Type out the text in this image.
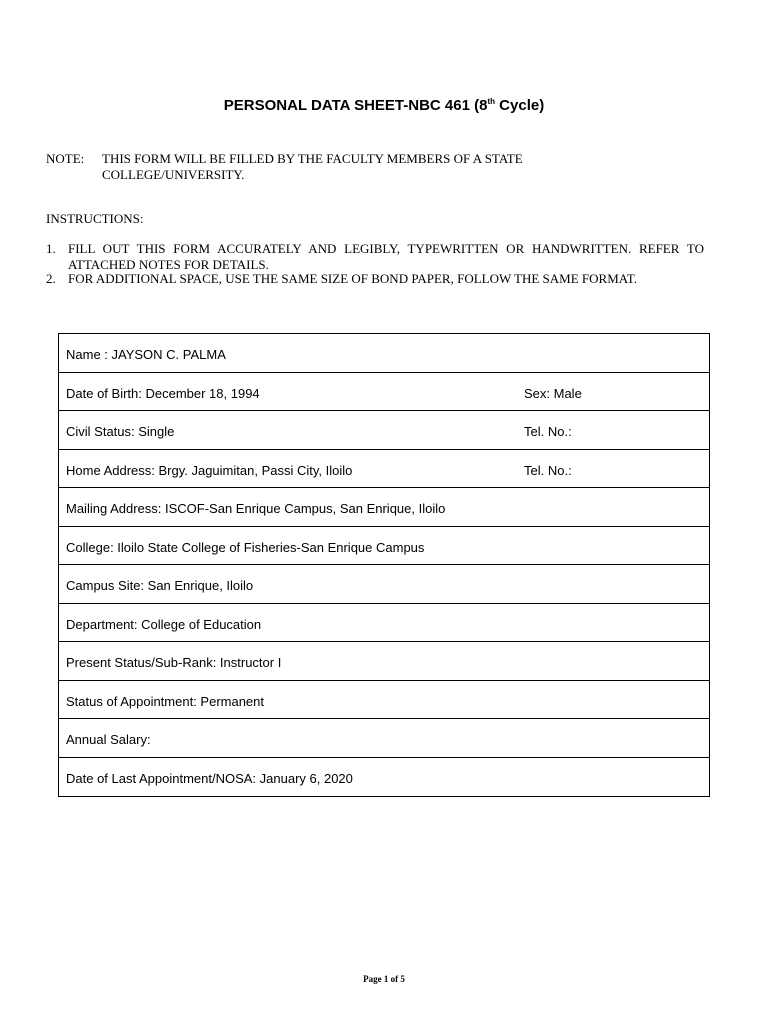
PERSONAL DATA SHEET-NBC 461 (8th Cycle)
NOTE: THIS FORM WILL BE FILLED BY THE FACULTY MEMBERS OF A STATE
COLLEGE/UNIVERSITY.
INSTRUCTIONS:
1. FILL OUT THIS FORM ACCURATELY AND LEGIBLY, TYPEWRITTEN OR HANDWRITTEN. REFER TO ATTACHED NOTES FOR DETAILS.
2. FOR ADDITIONAL SPACE, USE THE SAME SIZE OF BOND PAPER, FOLLOW THE SAME FORMAT.
Name : JAYSON C. PALMA
Date of Birth: December 18, 1994	Sex: Male
Civil Status: Single	Tel. No.:
Home Address: Brgy. Jaguimitan, Passi City, Iloilo	Tel. No.:
Mailing Address: ISCOF-San Enrique Campus, San Enrique, Iloilo
College: Iloilo State College of Fisheries-San Enrique Campus
Campus Site: San Enrique, Iloilo
Department: College of Education
Present Status/Sub-Rank: Instructor I
Status of Appointment: Permanent
Annual Salary:
Date of Last Appointment/NOSA: January 6, 2020
Page 1 of 5
